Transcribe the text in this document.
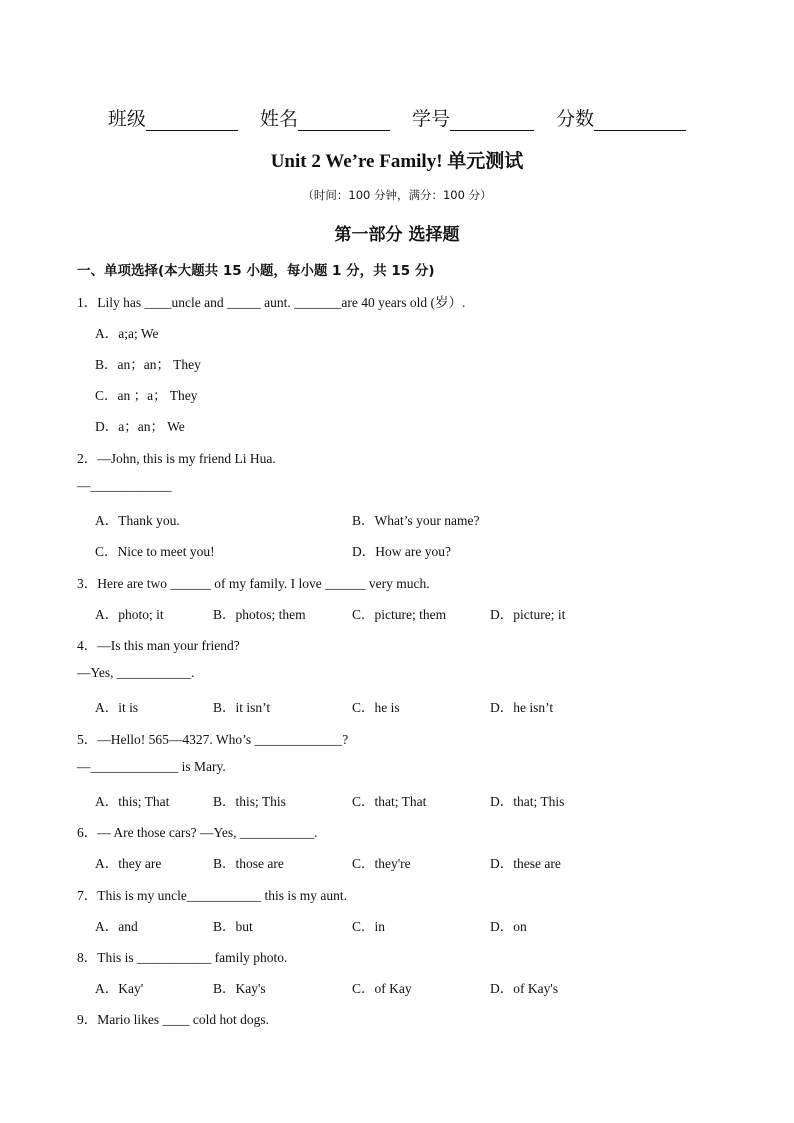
班级	姓名	学号	分数
Unit 2 We’re Family! 单元测试
（时间：100 分钟，满分：100 分）
第一部分 选择题
一、单项选择(本大题共 15 小题，每小题 1 分，共 15 分)
1．Lily has ____uncle and _____ aunt. _______are 40 years old (岁）.
A．a;a; We
B．an；an； They
C．an ；a； They
D．a；an； We
2．—John, this is my friend Li Hua.
—____________
A．Thank you.	B．What’s your name?
C．Nice to meet you!	D．How are you?
3．Here are two ______ of my family. I love ______ very much.
A．photo; it	B．photos; them	C．picture; them	D．picture; it
4．—Is this man your friend?
—Yes, ___________.
A．it is	B．it isn’t	C．he is	D．he isn’t
5．—Hello! 565—4327. Who’s _____________?
—_____________ is Mary.
A．this; That	B．this; This	C．that; That	D．that; This
6．— Are those cars? —Yes, ___________.
A．they are	B．those are	C．they're	D．these are
7．This is my uncle___________ this is my aunt.
A．and	B．but	C．in	D．on
8．This is ___________ family photo.
A．Kay'	B．Kay's	C．of Kay	D．of Kay's
9．Mario likes ____ cold hot dogs.
